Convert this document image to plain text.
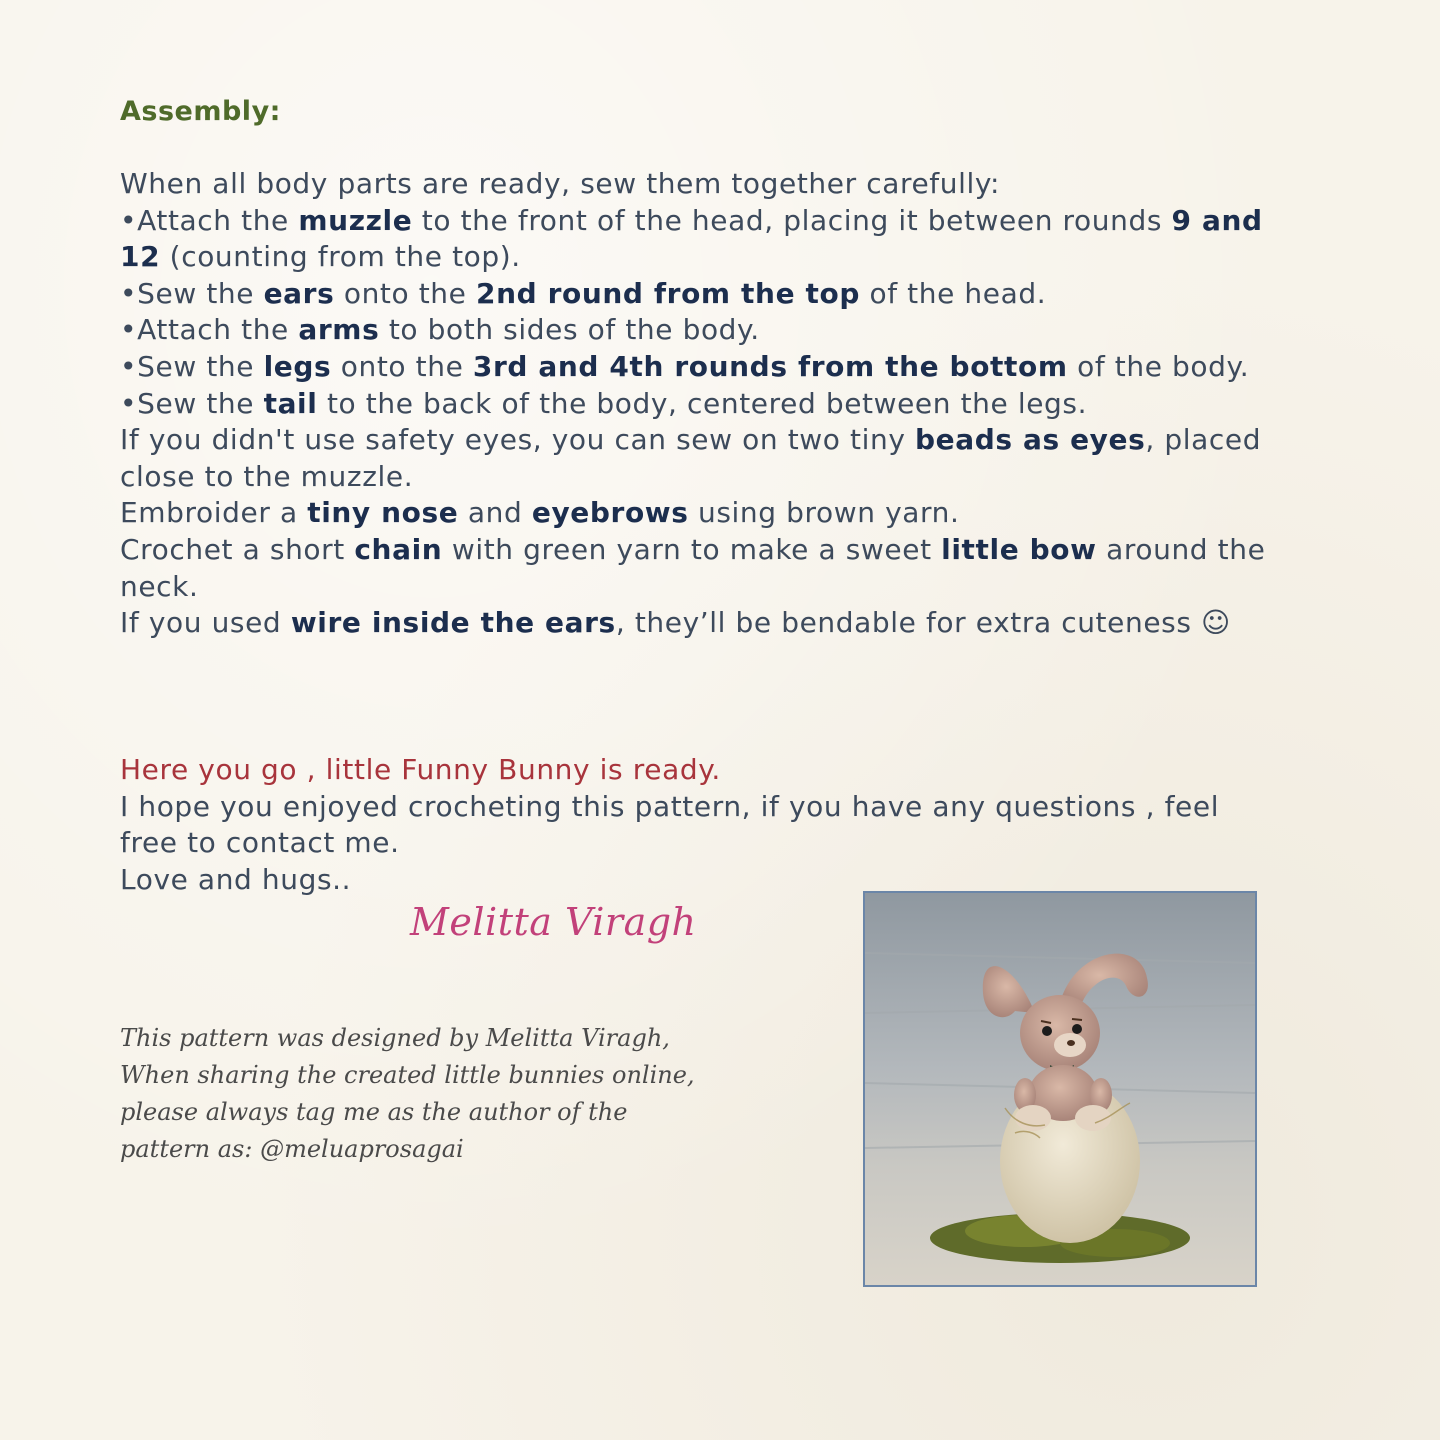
Assembly:

When all body parts are ready, sew them together carefully:

•Attach the muzzle to the front of the head, placing it between rounds 9 and 12 (counting from the top).

•Sew the ears onto the 2nd round from the top of the head.

•Attach the arms to both sides of the body.

•Sew the legs onto the 3rd and 4th rounds from the bottom of the body.

•Sew the tail to the back of the body, centered between the legs.

If you didn't use safety eyes, you can sew on two tiny beads as eyes, placed close to the muzzle.

Embroider a tiny nose and eyebrows using brown yarn.

Crochet a short chain with green yarn to make a sweet little bow around the neck.

If you used wire inside the ears, they’ll be bendable for extra cuteness ☺

Here you go , little Funny Bunny is ready.

I hope you enjoyed crocheting this pattern, if you have any questions , feel free to contact me.

Love and hugs..

Melitta Viragh

This pattern was designed by Melitta Viragh,

When sharing the created little bunnies online,

please always tag me as the author of the

pattern as: @meluaprosagai
